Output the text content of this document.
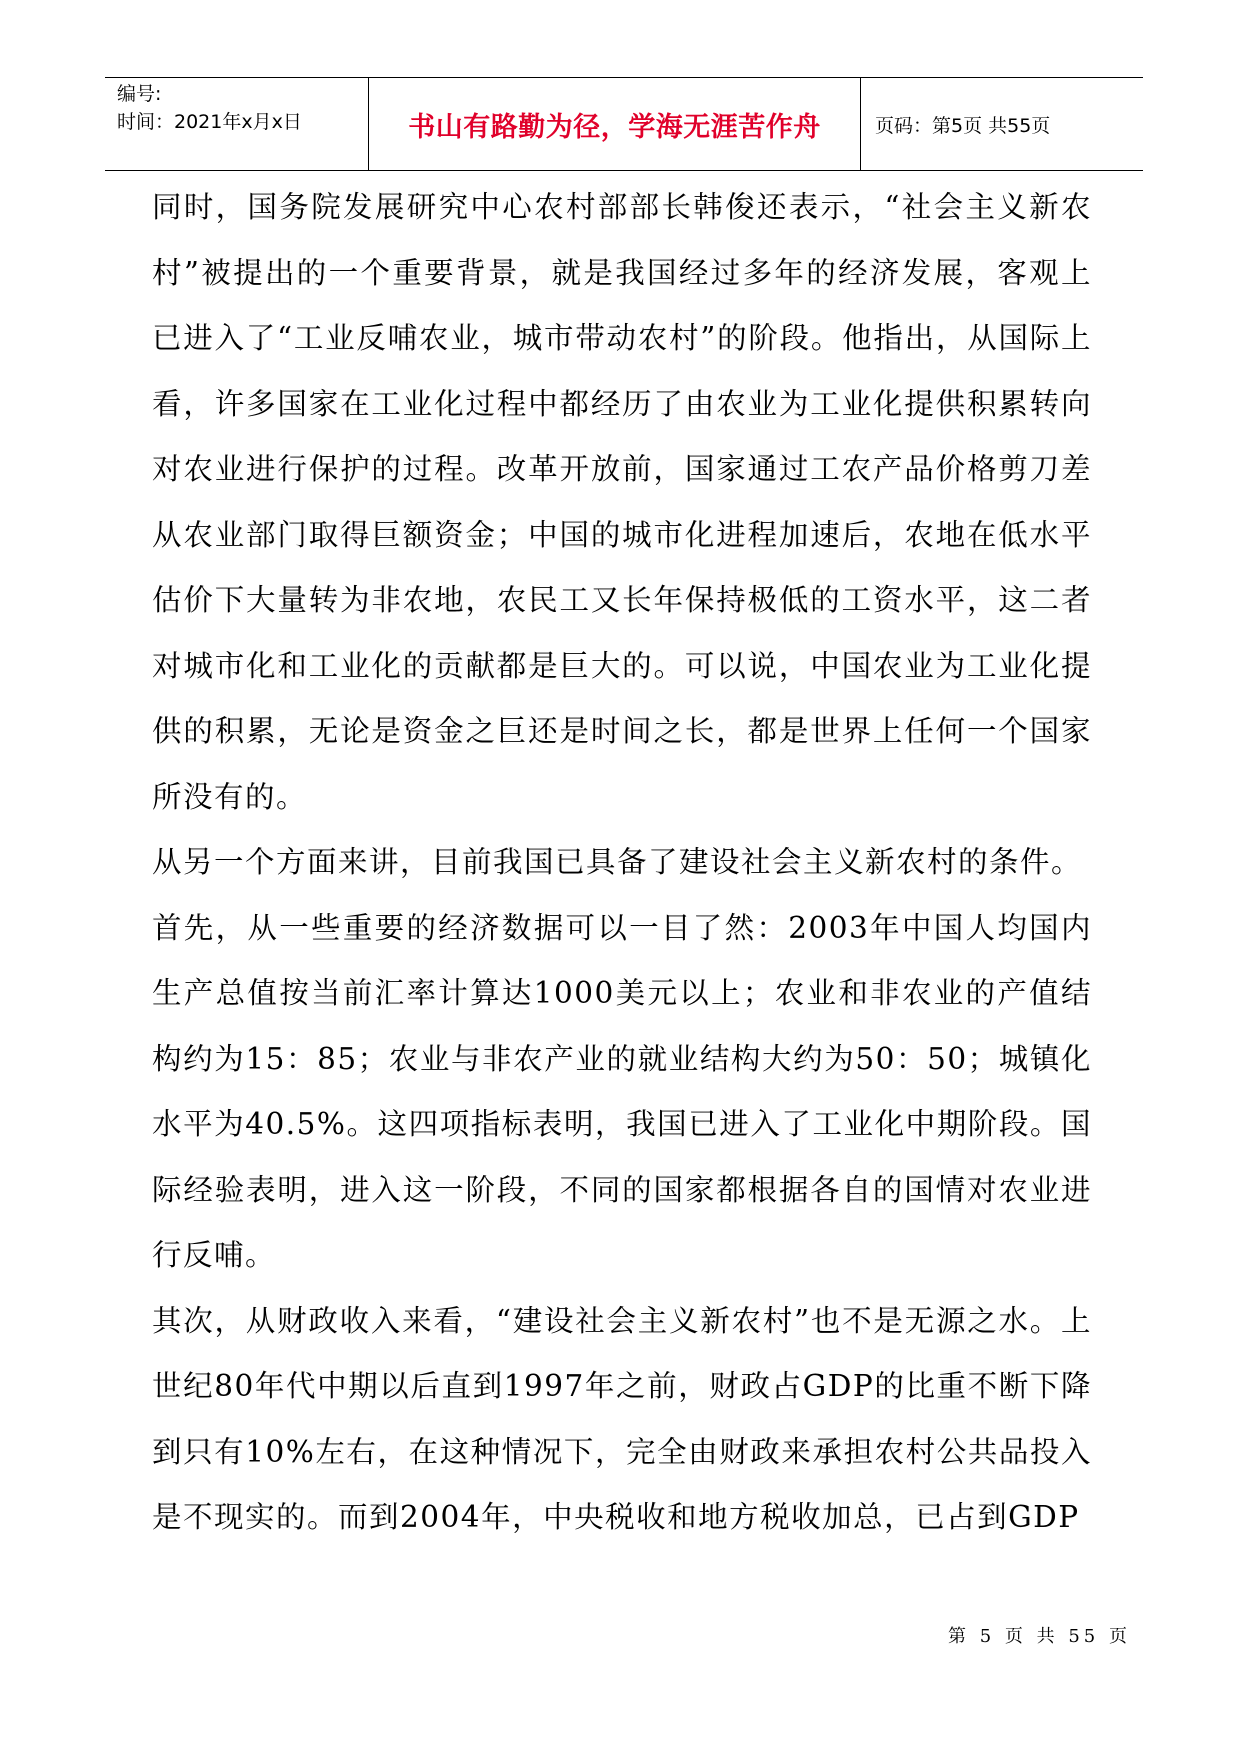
编号:
时间：2021年x月x日	书山有路勤为径，学海无涯苦作舟	页码：第5页 共55页

同时，国务院发展研究中心农村部部长韩俊还表示，“社会主义新农村”被提出的一个重要背景，就是我国经过多年的经济发展，客观上已进入了“工业反哺农业，城市带动农村”的阶段。他指出，从国际上看，许多国家在工业化过程中都经历了由农业为工业化提供积累转向对农业进行保护的过程。改革开放前，国家通过工农产品价格剪刀差从农业部门取得巨额资金；中国的城市化进程加速后，农地在低水平估价下大量转为非农地，农民工又长年保持极低的工资水平，这二者对城市化和工业化的贡献都是巨大的。可以说，中国农业为工业化提供的积累，无论是资金之巨还是时间之长，都是世界上任何一个国家所没有的。

从另一个方面来讲，目前我国已具备了建设社会主义新农村的条件。

首先，从一些重要的经济数据可以一目了然：2003年中国人均国内生产总值按当前汇率计算达1000美元以上；农业和非农业的产值结构约为15：85；农业与非农产业的就业结构大约为50：50；城镇化水平为40.5%。这四项指标表明，我国已进入了工业化中期阶段。国际经验表明，进入这一阶段，不同的国家都根据各自的国情对农业进行反哺。

其次，从财政收入来看，“建设社会主义新农村”也不是无源之水。上世纪80年代中期以后直到1997年之前，财政占GDP的比重不断下降到只有10%左右，在这种情况下，完全由财政来承担农村公共品投入是不现实的。而到2004年，中央税收和地方税收加总，已占到GDP

第 5 页 共 55 页
